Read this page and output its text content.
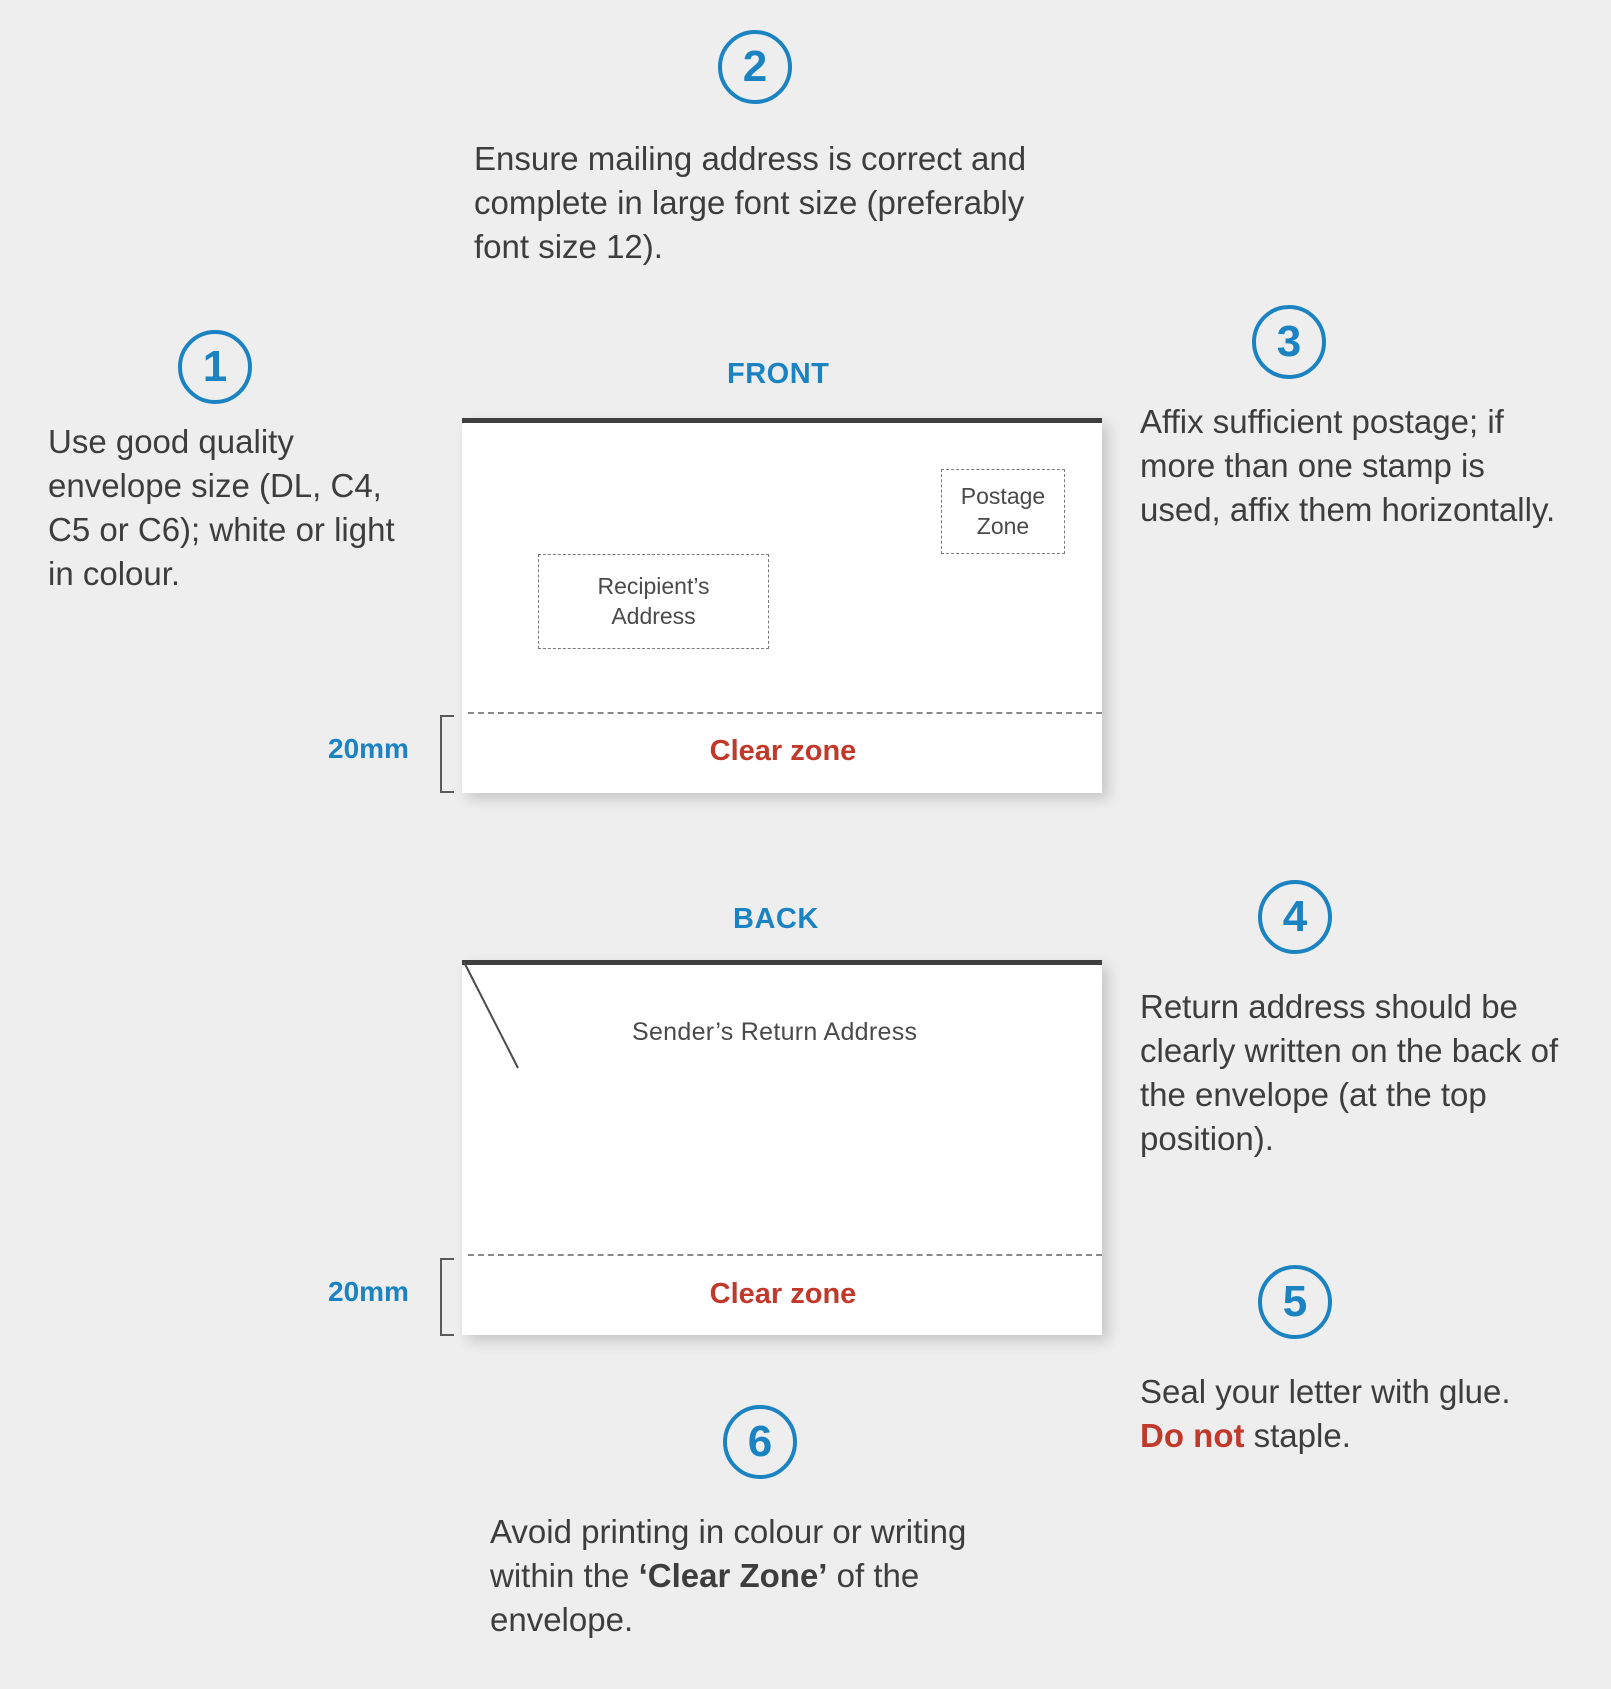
2
Ensure mailing address is correct and complete in large font size (preferably font size 12).
1
Use good quality envelope size (DL, C4, C5 or C6); white or light in colour.
3
Affix sufficient postage; if more than one stamp is used, affix them horizontally.
FRONT
Postage
Zone
Recipient’s
Address
Clear zone
20mm
BACK
Sender’s Return Address
Clear zone
20mm
4
Return address should be clearly written on the back of the envelope (at the top position).
5
Seal your letter with glue. Do not staple.
6
Avoid printing in colour or writing within the ‘Clear Zone’ of the envelope.
